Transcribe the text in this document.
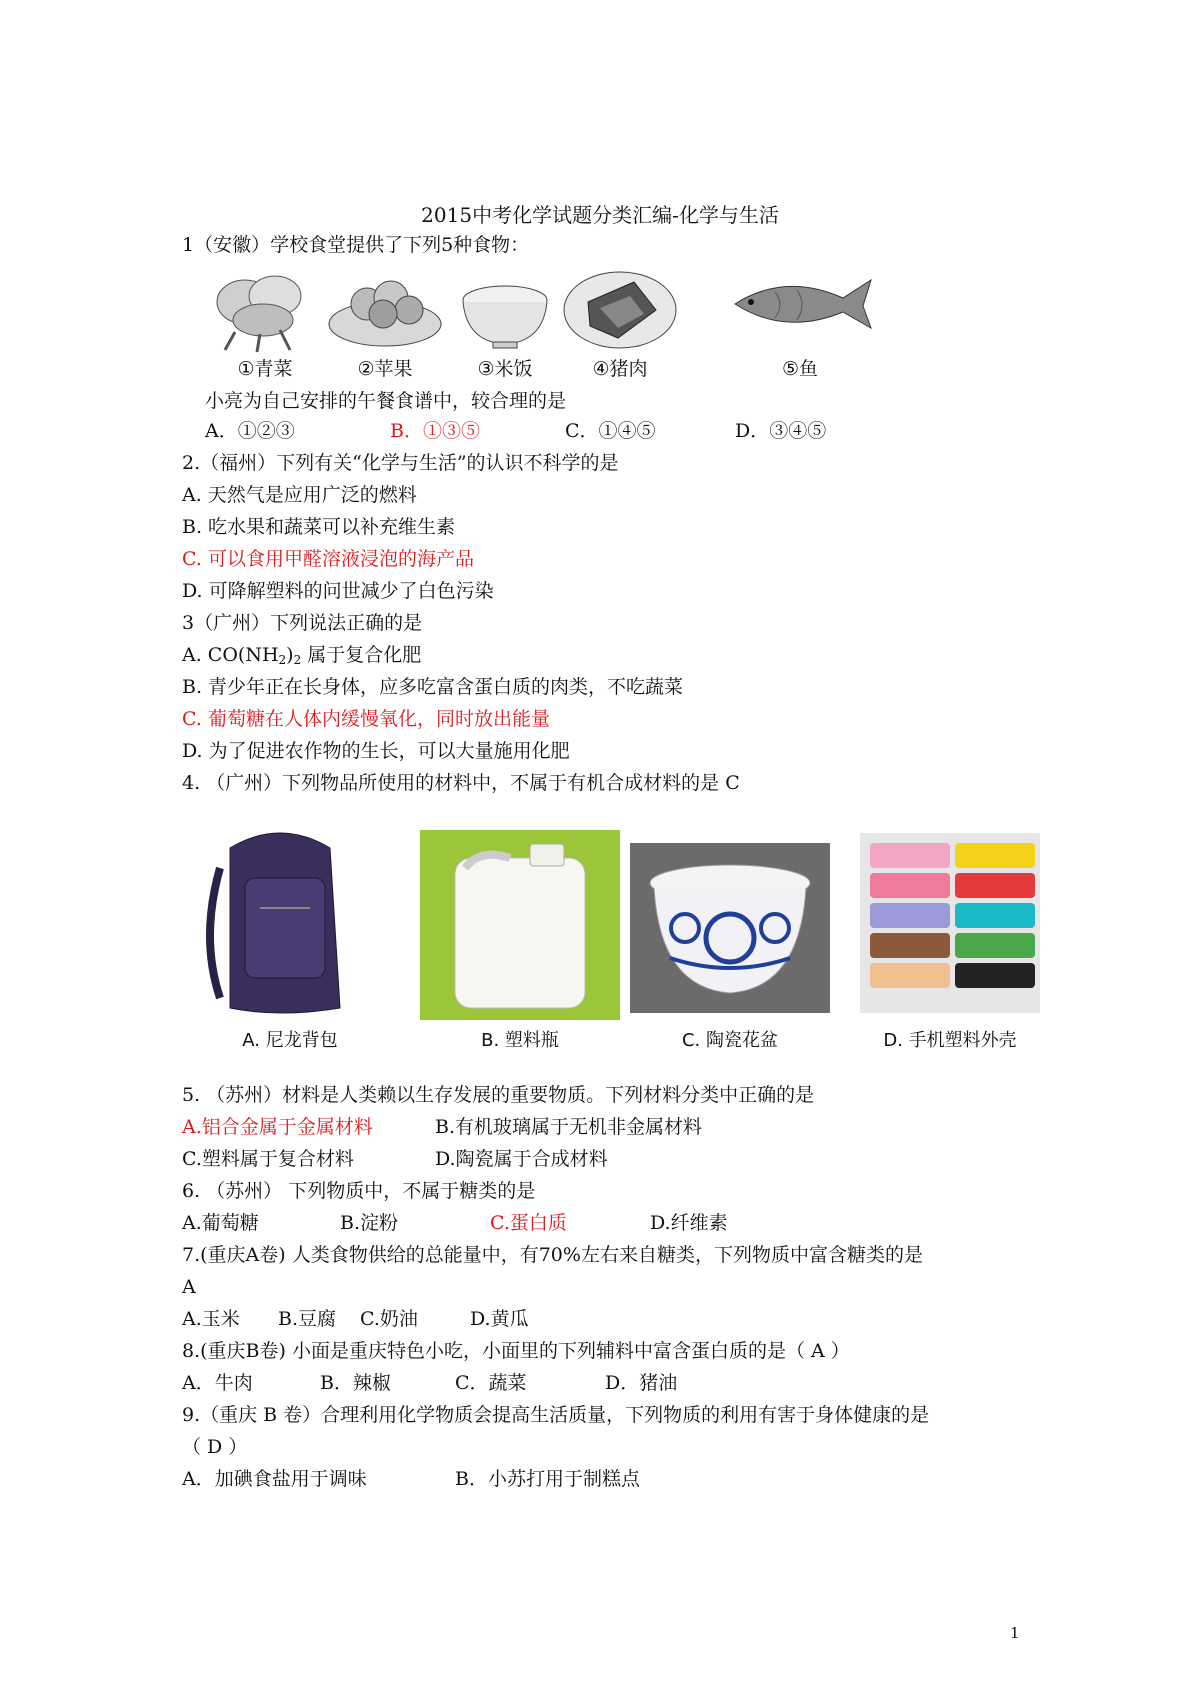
2015中考化学试题分类汇编-化学与生活
1（安徽）学校食堂提供了下列5种食物：
①青菜	②苹果	③米饭	④猪肉	⑤鱼
小亮为自己安排的午餐食谱中，较合理的是
A．①②③	B．①③⑤	C．①④⑤	D．③④⑤
2.（福州）下列有关“化学与生活”的认识不科学的是
A. 天然气是应用广泛的燃料
B. 吃水果和蔬菜可以补充维生素
C. 可以食用甲醛溶液浸泡的海产品
D. 可降解塑料的问世减少了白色污染
3（广州）下列说法正确的是
A. $CO(NH_2)_2$ 属于复合化肥
B. 青少年正在长身体，应多吃富含蛋白质的肉类，不吃蔬菜
C. 葡萄糖在人体内缓慢氧化，同时放出能量
D. 为了促进农作物的生长，可以大量施用化肥
4. （广州）下列物品所使用的材料中，不属于有机合成材料的是 C
A. 尼龙背包	B. 塑料瓶	C. 陶瓷花盆	D. 手机塑料外壳
5. （苏州）材料是人类赖以生存发展的重要物质。下列材料分类中正确的是
A.铝合金属于金属材料	B.有机玻璃属于无机非金属材料
C.塑料属于复合材料	D.陶瓷属于合成材料
6. （苏州） 下列物质中，不属于糖类的是
A.葡萄糖	B.淀粉	C.蛋白质	D.纤维素
7.(重庆A卷) 人类食物供给的总能量中，有70%左右来自糖类，下列物质中富含糖类的是
A
A.玉米 B.豆腐 C.奶油	D.黄瓜
8.(重庆B卷) 小面是重庆特色小吃，小面里的下列辅料中富含蛋白质的是（ A ）
A．牛肉	B．辣椒	C．蔬菜	D．猪油
9.（重庆 B 卷）合理利用化学物质会提高生活质量，下列物质的利用有害于身体健康的是
（ D ）
A．加碘食盐用于调味	B．小苏打用于制糕点
1
